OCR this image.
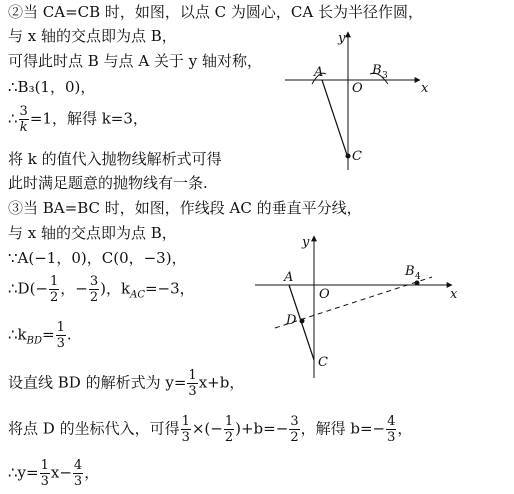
②当 CA=CB 时，如图，以点 C 为圆心，CA 长为半径作圆，
与 x 轴的交点即为点 B，
可得此时点 B 与点 A 关于 y 轴对称，
∴B₃(1，0)，
∴ $\frac{3}{k} =1$，解得 k=3，
将 k 的值代入抛物线解析式可得
此时满足题意的抛物线有一条.
③当 BA=BC 时，如图，作线段 AC 的垂直平分线，
与 x 轴的交点即为点 B，
∵A(−1，0)，C(0，−3)，
∴D(− $\frac{1}{2}$ ，− $\frac{3}{2}$ )，$k_{AC}=-3$，
$\therefore k_{BD}= \frac{1}{3}$ .
设直线 BD 的解析式为 $y= \frac{1}{3} x+b$，
将点 D 的坐标代入，可得 $\frac{1}{3}$ ×(− $\frac{1}{2} )+b=- \frac{3}{2}$ ，解得 $b=- \frac{4}{3}$ ，
∴y= $\frac{1}{3} x- \frac{4}{3}$ ，
y
x
A
O
B 3
C
y
x
A
O
B 4
D
C
